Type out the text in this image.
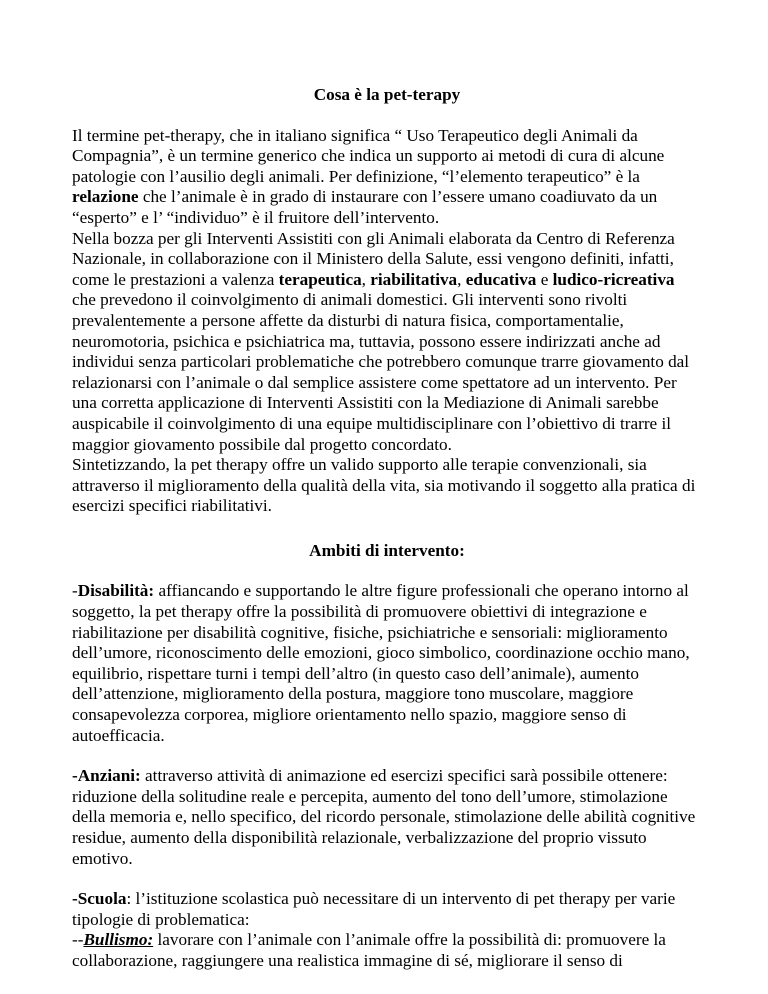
Cosa è la pet-terapy

Il termine pet-therapy, che in italiano significa “ Uso Terapeutico degli Animali da Compagnia”, è un termine generico che indica un supporto ai metodi di cura di alcune patologie con l’ausilio degli animali. Per definizione, “l’elemento terapeutico” è la relazione che l’animale è in grado di instaurare con l’essere umano coadiuvato da un “esperto” e l’ “individuo” è il fruitore dell’intervento.

Nella bozza per gli Interventi Assistiti con gli Animali elaborata da Centro di Referenza Nazionale, in collaborazione con il Ministero della Salute, essi vengono definiti, infatti, come le prestazioni a valenza terapeutica, riabilitativa, educativa e ludico-ricreativa che prevedono il coinvolgimento di animali domestici. Gli interventi sono rivolti prevalentemente a persone affette da disturbi di natura fisica, comportamentalie, neuromotoria, psichica e psichiatrica ma, tuttavia, possono essere indirizzati anche ad individui senza particolari problematiche che potrebbero comunque trarre giovamento dal relazionarsi con l’animale o dal semplice assistere come spettatore ad un intervento. Per una corretta applicazione di Interventi Assistiti con la Mediazione di Animali sarebbe auspicabile il coinvolgimento di una equipe multidisciplinare con l’obiettivo di trarre il maggior giovamento possibile dal progetto concordato.

Sintetizzando, la pet therapy offre un valido supporto alle terapie convenzionali, sia attraverso il miglioramento della qualità della vita, sia motivando il soggetto alla pratica di esercizi specifici riabilitativi.

Ambiti di intervento:

-Disabilità: affiancando e supportando le altre figure professionali che operano intorno al soggetto, la pet therapy offre la possibilità di promuovere obiettivi di integrazione e riabilitazione per disabilità cognitive, fisiche, psichiatriche e sensoriali: miglioramento dell’umore, riconoscimento delle emozioni, gioco simbolico, coordinazione occhio mano, equilibrio, rispettare turni i tempi dell’altro (in questo caso dell’animale), aumento dell’attenzione, miglioramento della postura, maggiore tono muscolare, maggiore consapevolezza corporea, migliore orientamento nello spazio, maggiore senso di autoefficacia.

-Anziani: attraverso attività di animazione ed esercizi specifici sarà possibile ottenere: riduzione della solitudine reale e percepita, aumento del tono dell’umore, stimolazione della memoria e, nello specifico, del ricordo personale, stimolazione delle abilità cognitive residue, aumento della disponibilità relazionale, verbalizzazione del proprio vissuto emotivo.

-Scuola: l’istituzione scolastica può necessitare di un intervento di pet therapy per varie tipologie di problematica:
--Bullismo: lavorare con l’animale con l’animale offre la possibilità di: promuovere la collaborazione, raggiungere una realistica immagine di sé, migliorare il senso di
